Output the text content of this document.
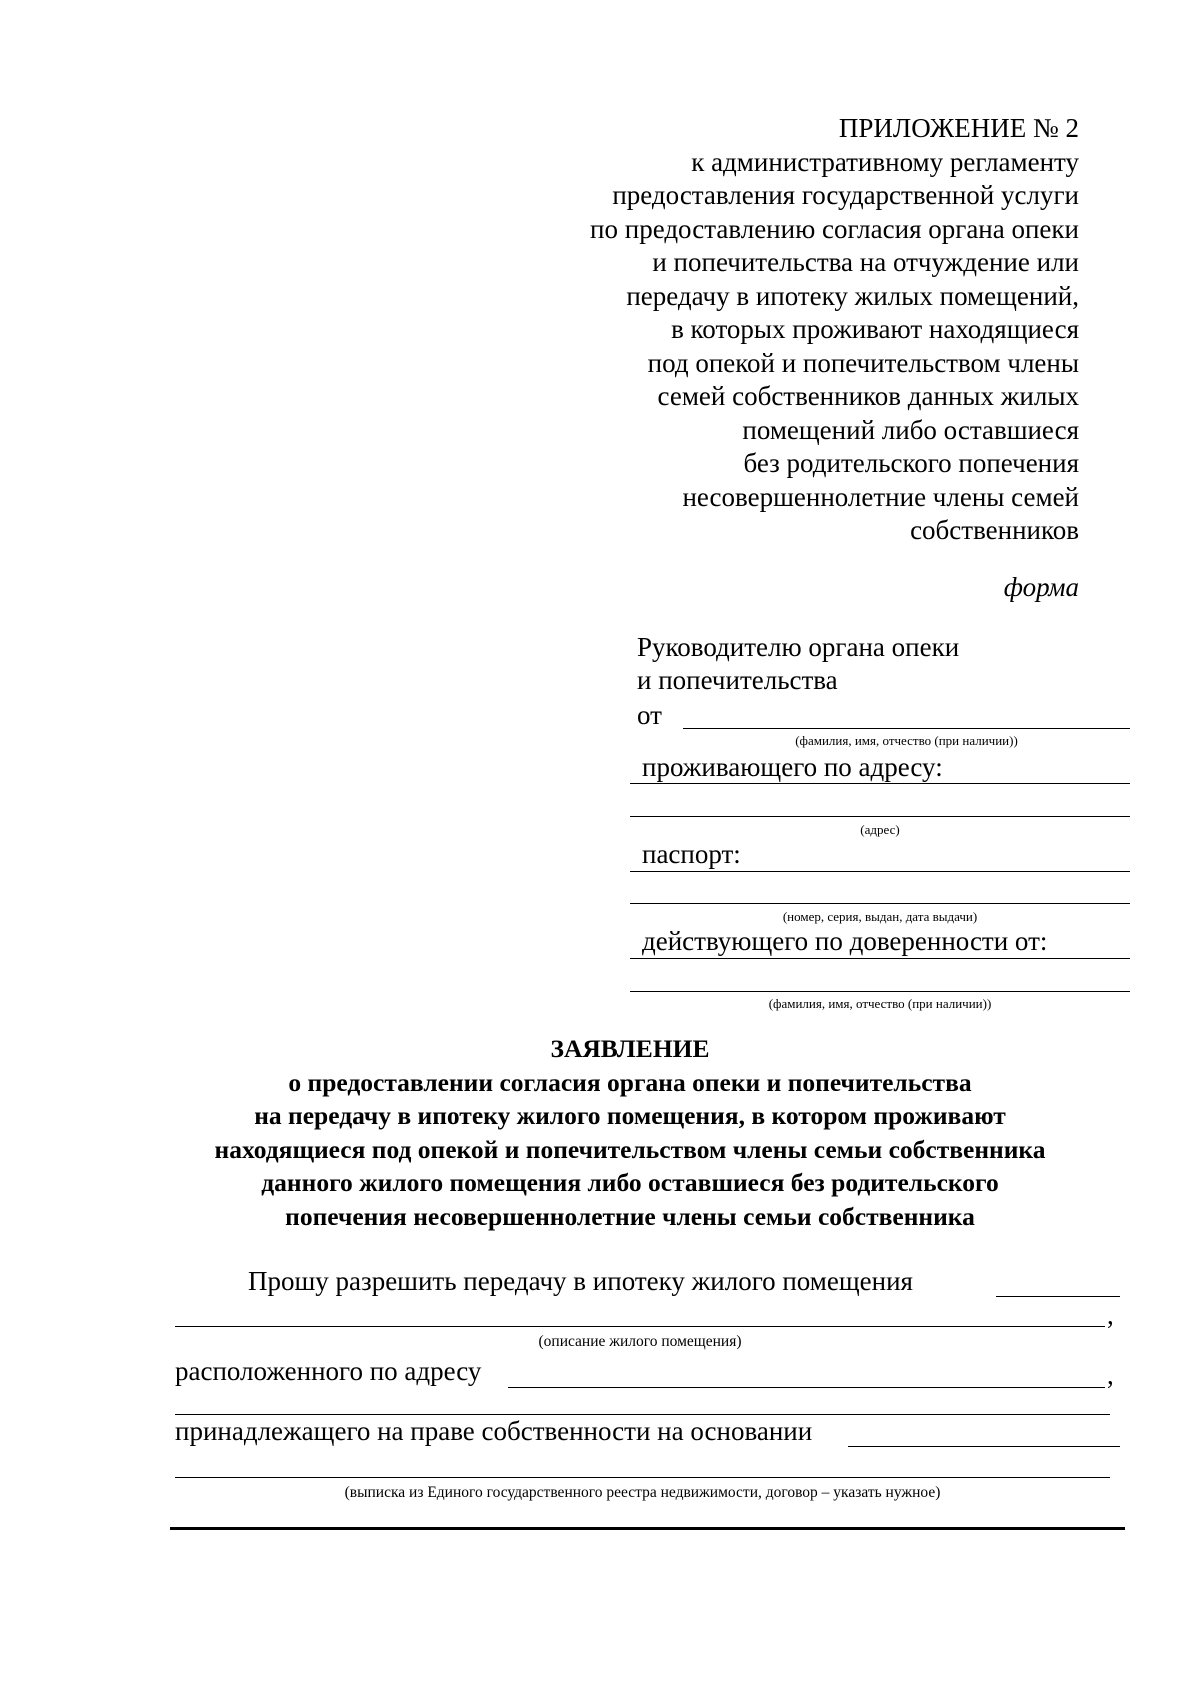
ПРИЛОЖЕНИЕ № 2
к административному регламенту
предоставления государственной услуги
по предоставлению согласия органа опеки
и попечительства на отчуждение или
передачу в ипотеку жилых помещений,
в которых проживают находящиеся
под опекой и попечительством члены
семей собственников данных жилых
помещений либо оставшиеся
без родительского попечения
несовершеннолетние члены семей
собственников
форма
Руководителю органа опеки
и попечительства
от
(фамилия, имя, отчество (при наличии))
проживающего по адресу:
(адрес)
паспорт:
(номер, серия, выдан, дата выдачи)
действующего по доверенности от:
(фамилия, имя, отчество (при наличии))
ЗАЯВЛЕНИЕ
о предоставлении согласия органа опеки и попечительства
на передачу в ипотеку жилого помещения, в котором проживают
находящиеся под опекой и попечительством члены семьи собственника
данного жилого помещения либо оставшиеся без родительского
попечения несовершеннолетние члены семьи собственника
Прошу разрешить передачу в ипотеку жилого помещения
,
(описание жилого помещения)
расположенного по адресу	,
принадлежащего на праве собственности на основании
(выписка из Единого государственного реестра недвижимости, договор – указать нужное)
